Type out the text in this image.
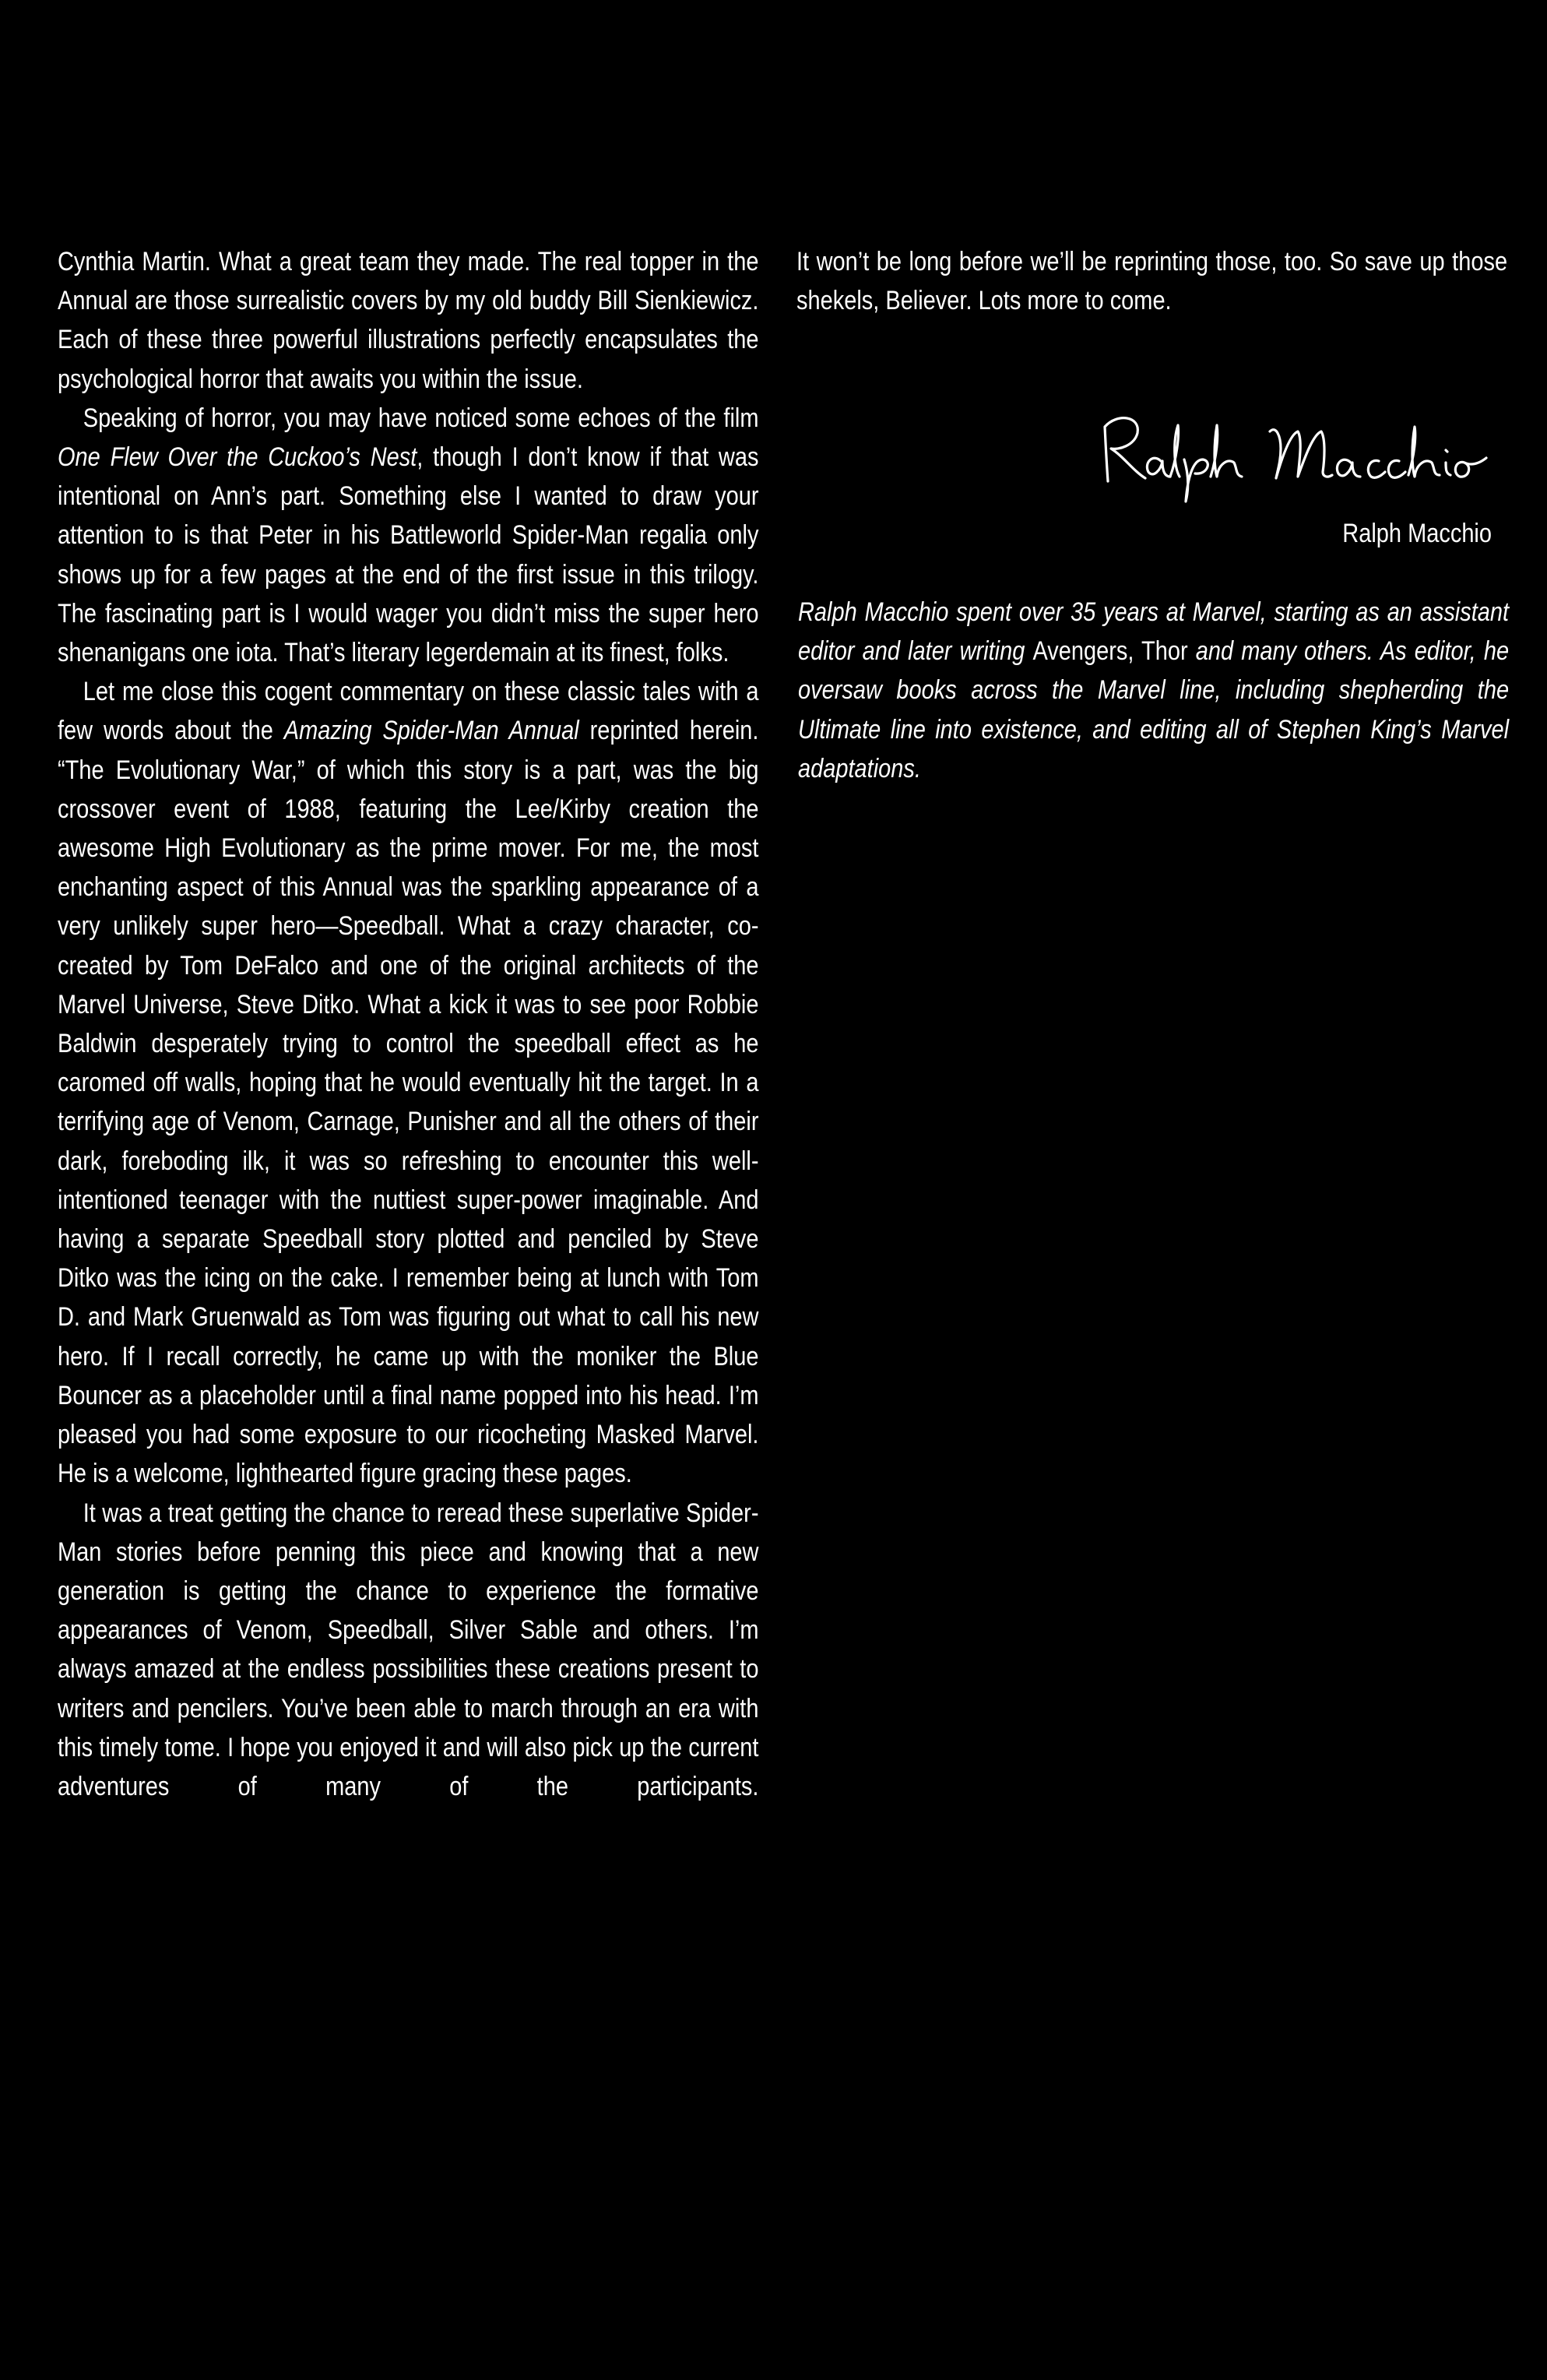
Cynthia Martin. What a great team they made. The real topper in the Annual are those surrealistic covers by my old buddy Bill Sienkiewicz. Each of these three powerful illustrations perfectly encapsulates the psychological horror that awaits you within the issue.

Speaking of horror, you may have noticed some echoes of the film One Flew Over the Cuckoo’s Nest, though I don’t know if that was intentional on Ann’s part. Something else I wanted to draw your attention to is that Peter in his Battleworld Spider-Man regalia only shows up for a few pages at the end of the first issue in this trilogy. The fascinating part is I would wager you didn’t miss the super hero shenanigans one iota. That’s literary legerdemain at its finest, folks.

Let me close this cogent commentary on these classic tales with a few words about the Amazing Spider-Man Annual reprinted herein. “The Evolutionary War,” of which this story is a part, was the big crossover event of 1988, featuring the Lee/Kirby creation the awesome High Evolutionary as the prime mover. For me, the most enchanting aspect of this Annual was the sparkling appearance of a very unlikely super hero—Speedball. What a crazy character, co-created by Tom DeFalco and one of the original architects of the Marvel Universe, Steve Ditko. What a kick it was to see poor Robbie Baldwin desperately trying to control the speedball effect as he caromed off walls, hoping that he would eventually hit the target. In a terrifying age of Venom, Carnage, Punisher and all the others of their dark, foreboding ilk, it was so refreshing to encounter this well-intentioned teenager with the nuttiest super-power imaginable. And having a separate Speedball story plotted and penciled by Steve Ditko was the icing on the cake. I remember being at lunch with Tom D. and Mark Gruenwald as Tom was figuring out what to call his new hero. If I recall correctly, he came up with the moniker the Blue Bouncer as a placeholder until a final name popped into his head. I’m pleased you had some exposure to our ricocheting Masked Marvel. He is a welcome, lighthearted figure gracing these pages.

It was a treat getting the chance to reread these superlative Spider-Man stories before penning this piece and knowing that a new generation is getting the chance to experience the formative appearances of Venom, Speedball, Silver Sable and others. I’m always amazed at the endless possibilities these creations present to writers and pencilers. You’ve been able to march through an era with this timely tome. I hope you enjoyed it and will also pick up the current adventures of many of the participants.

It won’t be long before we’ll be reprinting those, too. So save up those shekels, Believer. Lots more to come.

Ralph Macchio
Ralph Macchio spent over 35 years at Marvel, starting as an assistant editor and later writing Avengers, Thor and many others. As editor, he oversaw books across the Marvel line, including shepherding the Ultimate line into existence, and editing all of Stephen King’s Marvel adaptations.
